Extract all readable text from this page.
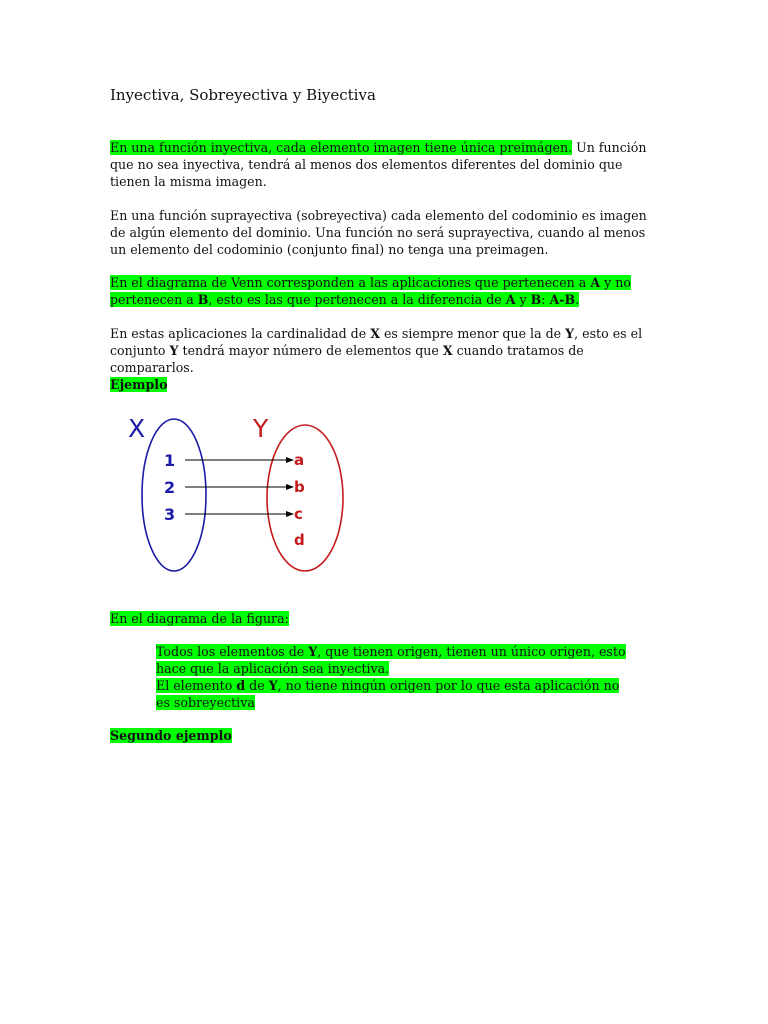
Inyectiva, Sobreyectiva y Biyectiva

En una función inyectiva, cada elemento imagen tiene única preimágen. Un función que no sea inyectiva, tendrá al menos dos elementos diferentes del dominio que tienen la misma imagen.

En una función suprayectiva (sobreyectiva) cada elemento del codominio es imagen de algún elemento del dominio. Una función no será suprayectiva, cuando al menos un elemento del codominio (conjunto final) no tenga una preimagen.

En el diagrama de Venn corresponden a las aplicaciones que pertenecen a A y no pertenecen a B, esto es las que pertenecen a la diferencia de A y B: A-B.

En estas aplicaciones la cardinalidad de X es siempre menor que la de Y, esto es el conjunto Y tendrá mayor número de elementos que X cuando tratamos de compararlos.

Ejemplo

En el diagrama de la figura:

Todos los elementos de Y, que tienen origen, tienen un único origen, esto hace que la aplicación sea inyectiva.
El elemento d de Y, no tiene ningún origen por lo que esta aplicación no es sobreyectiva

Segundo ejemplo

X	Y
1
2
3
a
b
c
d
